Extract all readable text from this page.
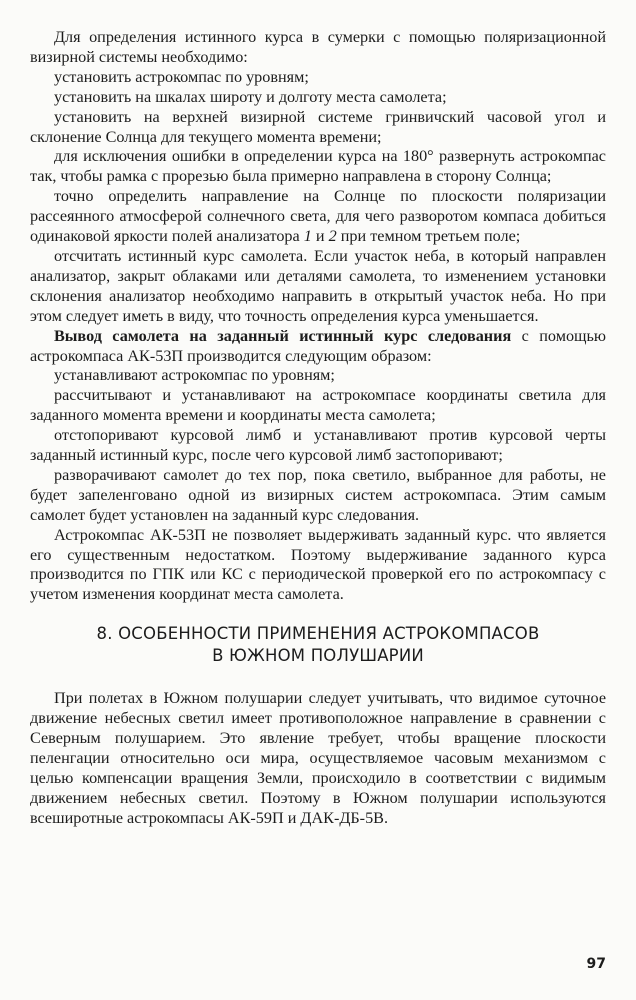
Для определения истинного курса в сумерки с помощью поляризационной визирной системы необходимо:

установить астрокомпас по уровням;

установить на шкалах широту и долготу места самолета;

установить на верхней визирной системе гринвичский часовой угол и склонение Солнца для текущего момента времени;

для исключения ошибки в определении курса на 180° развернуть астрокомпас так, чтобы рамка с прорезью была примерно направлена в сторону Солнца;

точно определить направление на Солнце по плоскости поляризации рассеянного атмосферой солнечного света, для чего разворотом компаса добиться одинаковой яркости полей анализатора 1 и 2 при темном третьем поле;

отсчитать истинный курс самолета. Если участок неба, в который направлен анализатор, закрыт облаками или деталями самолета, то изменением установки склонения анализатор необходимо направить в открытый участок неба. Но при этом следует иметь в виду, что точность определения курса уменьшается.

Вывод самолета на заданный истинный курс следования с помощью астрокомпаса АК-53П производится следующим образом:

устанавливают астрокомпас по уровням;

рассчитывают и устанавливают на астрокомпасе координаты светила для заданного момента времени и координаты места самолета;

отстопоривают курсовой лимб и устанавливают против курсовой черты заданный истинный курс, после чего курсовой лимб застопоривают;

разворачивают самолет до тех пор, пока светило, выбранное для работы, не будет запеленговано одной из визирных систем астрокомпаса. Этим самым самолет будет установлен на заданный курс следования.

Астрокомпас АК-53П не позволяет выдерживать заданный курс. что является его существенным недостатком. Поэтому выдерживание заданного курса производится по ГПК или КС с периодической проверкой его по астрокомпасу с учетом изменения координат места самолета.

8. ОСОБЕННОСТИ ПРИМЕНЕНИЯ АСТРОКОМПАСОВ
В ЮЖНОМ ПОЛУШАРИИ

При полетах в Южном полушарии следует учитывать, что видимое суточное движение небесных светил имеет противоположное направление в сравнении с Северным полушарием. Это явление требует, чтобы вращение плоскости пеленгации относительно оси мира, осуществляемое часовым механизмом с целью компенсации вращения Земли, происходило в соответствии с видимым движением небесных светил. Поэтому в Южном полушарии используются всеширотные астрокомпасы АК-59П и ДАК-ДБ-5В.

97
